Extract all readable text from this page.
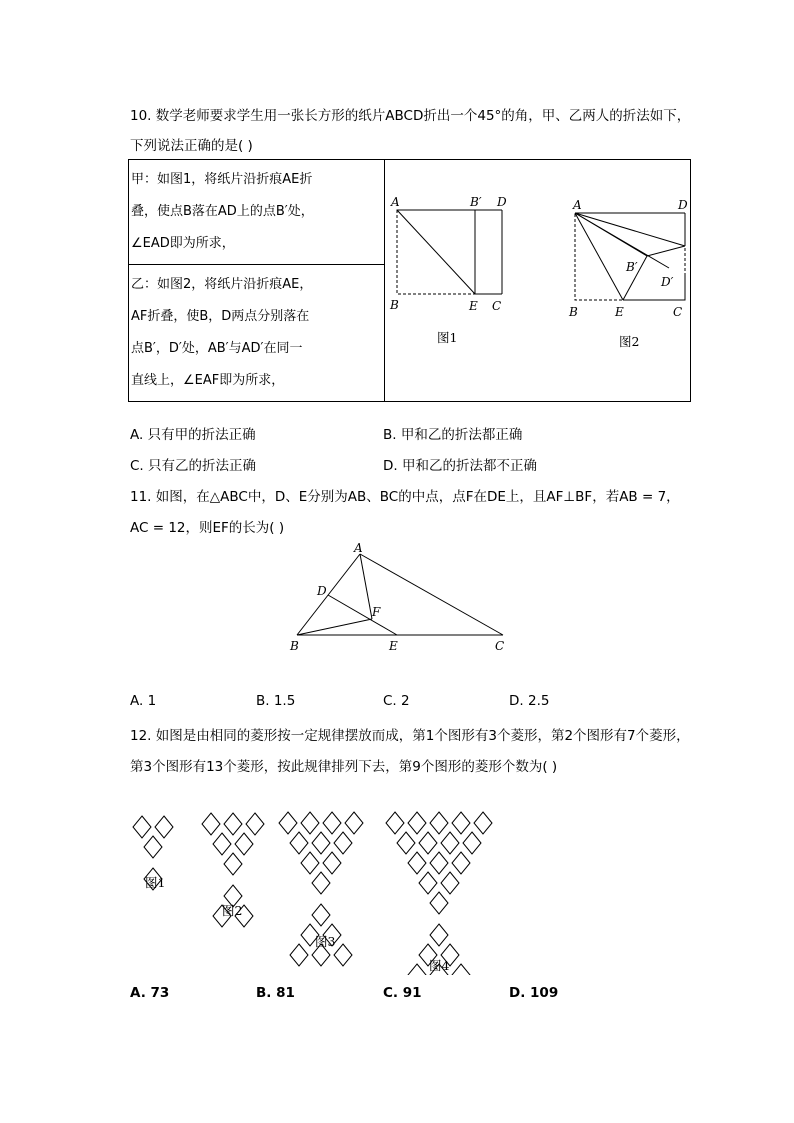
10. 数学老师要求学生用一张长方形的纸片ABCD折出一个45°的角，甲、乙两人的折法如下，
下列说法正确的是( )
甲：如图1，将纸片沿折痕AE折
叠，使点B落在AD上的点B′处，
∠EAD即为所求，

A	B′ D
B	E C
图1
A	D
B′
D′
B	E	C
图2

乙：如图2，将纸片沿折痕AE，
AF折叠，使B，D两点分别落在
点B′，D′处，AB′与AD′在同一
直线上，∠EAF即为所求，
A. 只有甲的折法正确	B. 甲和乙的折法都正确
C. 只有乙的折法正确	D. 甲和乙的折法都不正确
11. 如图，在△ABC中，D、E分别为AB、BC的中点，点F在DE上，且AF⊥BF，若AB = 7，
AC = 12，则EF的长为( )
A
D
F
B	E	C
A. 1	B. 1.5	C. 2	D. 2.5
12. 如图是由相同的菱形按一定规律摆放而成，第1个图形有3个菱形，第2个图形有7个菱形，
第3个图形有13个菱形，按此规律排列下去，第9个图形的菱形个数为( )
图1
图2
图3
图4
A. 73	B. 81	C. 91	D. 109
